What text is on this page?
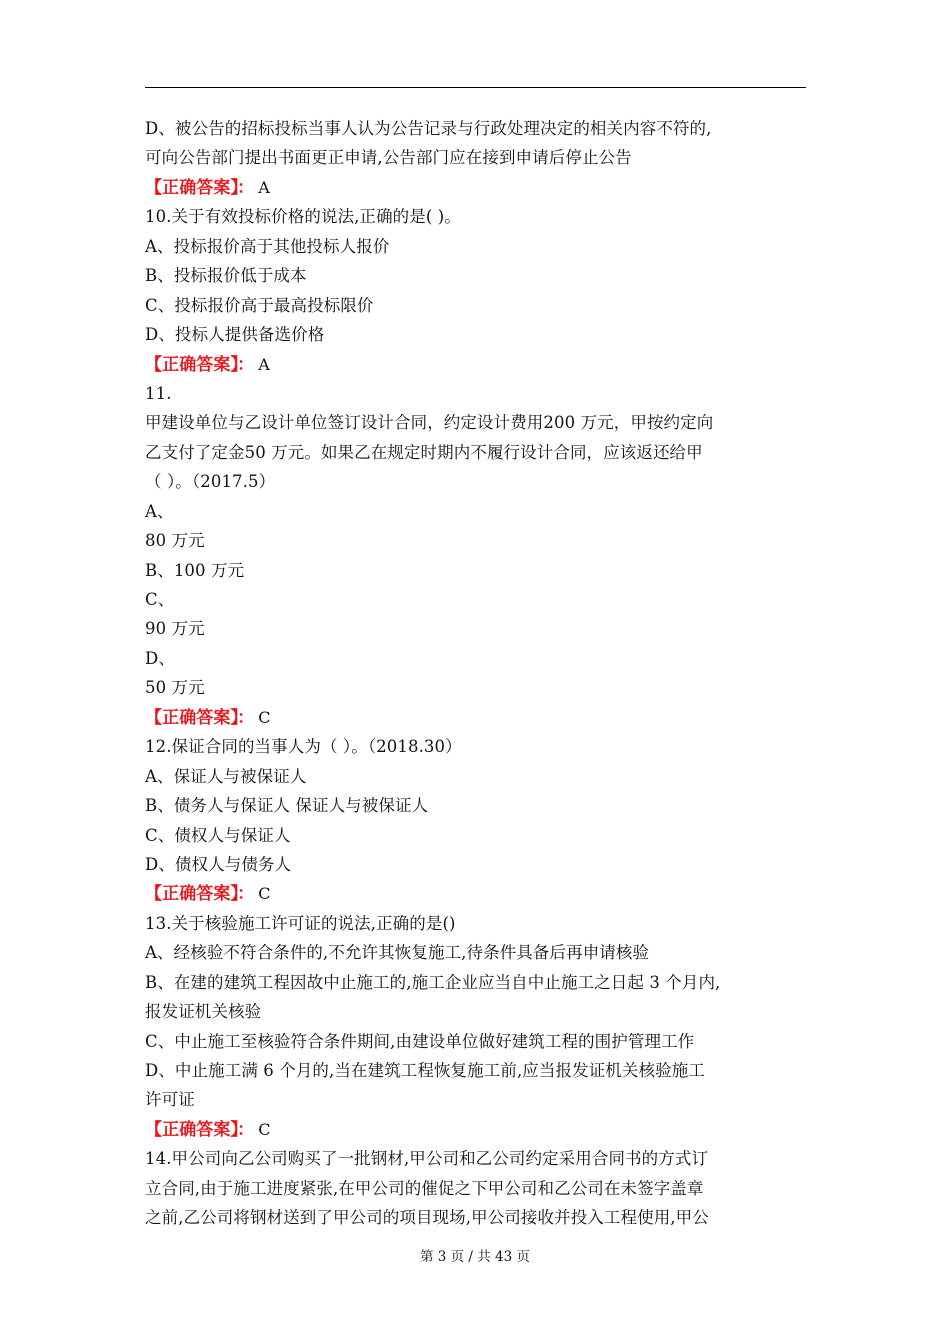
D、被公告的招标投标当事人认为公告记录与行政处理决定的相关内容不符的,
可向公告部门提出书面更正申请,公告部门应在接到申请后停止公告
【正确答案】： A
10.关于有效投标价格的说法,正确的是( )。
A、投标报价高于其他投标人报价
B、投标报价低于成本
C、投标报价高于最高投标限价
D、投标人提供备选价格
【正确答案】： A
11.
甲建设单位与乙设计单位签订设计合同，约定设计费用200 万元，甲按约定向
乙支付了定金50 万元。如果乙在规定时期内不履行设计合同，应该返还给甲
（ ）。（2017.5）
A、
80 万元
B、100 万元
C、
90 万元
D、
50 万元
【正确答案】： C
12.保证合同的当事人为（ ）。（2018.30）
A、保证人与被保证人
B、债务人与保证人 保证人与被保证人
C、债权人与保证人
D、债权人与债务人
【正确答案】： C
13.关于核验施工许可证的说法,正确的是()
A、经核验不符合条件的,不允许其恢复施工,待条件具备后再申请核验
B、在建的建筑工程因故中止施工的,施工企业应当自中止施工之日起 3 个月内,
报发证机关核验
C、中止施工至核验符合条件期间,由建设单位做好建筑工程的围护管理工作
D、中止施工满 6 个月的,当在建筑工程恢复施工前,应当报发证机关核验施工
许可证
【正确答案】： C
14.甲公司向乙公司购买了一批钢材,甲公司和乙公司约定采用合同书的方式订
立合同,由于施工进度紧张,在甲公司的催促之下甲公司和乙公司在未签字盖章
之前,乙公司将钢材送到了甲公司的项目现场,甲公司接收并投入工程使用,甲公
第 3 页 / 共 43 页
